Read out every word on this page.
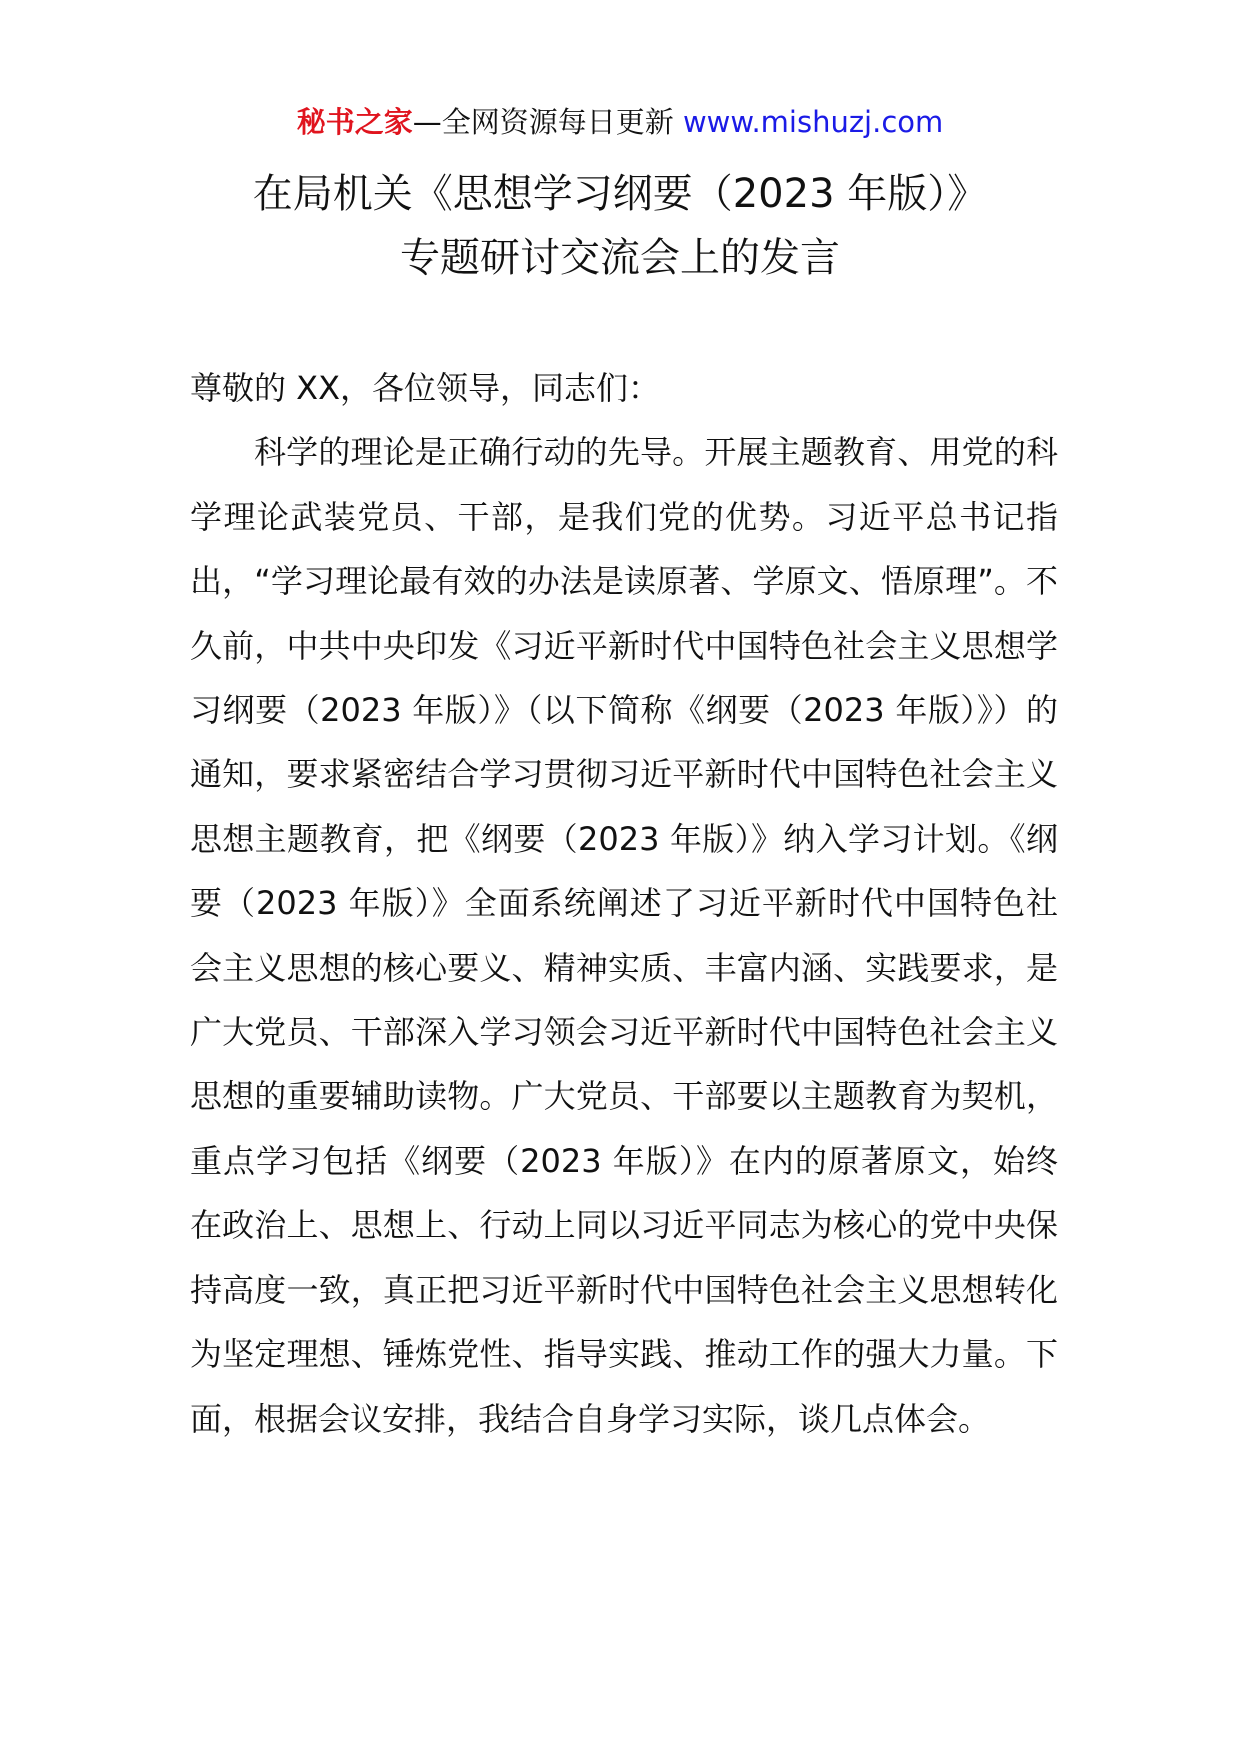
秘书之家—全网资源每日更新 www.mishuzj.com
在局机关《思想学习纲要（2023 年版）》
专题研讨交流会上的发言

尊敬的 XX，各位领导，同志们：

科学的理论是正确行动的先导。开展主题教育、用党的科学理论武装党员、干部，是我们党的优势。习近平总书记指出，“学习理论最有效的办法是读原著、学原文、悟原理”。不久前，中共中央印发《习近平新时代中国特色社会主义思想学习纲要（2023 年版）》（以下简称《纲要（2023 年版）》）的通知，要求紧密结合学习贯彻习近平新时代中国特色社会主义思想主题教育，把《纲要（2023 年版）》纳入学习计划。《纲要（2023 年版）》全面系统阐述了习近平新时代中国特色社会主义思想的核心要义、精神实质、丰富内涵、实践要求，是广大党员、干部深入学习领会习近平新时代中国特色社会主义思想的重要辅助读物。广大党员、干部要以主题教育为契机，重点学习包括《纲要（2023 年版）》在内的原著原文，始终在政治上、思想上、行动上同以习近平同志为核心的党中央保持高度一致，真正把习近平新时代中国特色社会主义思想转化为坚定理想、锤炼党性、指导实践、推动工作的强大力量。下面，根据会议安排，我结合自身学习实际，谈几点体会。
